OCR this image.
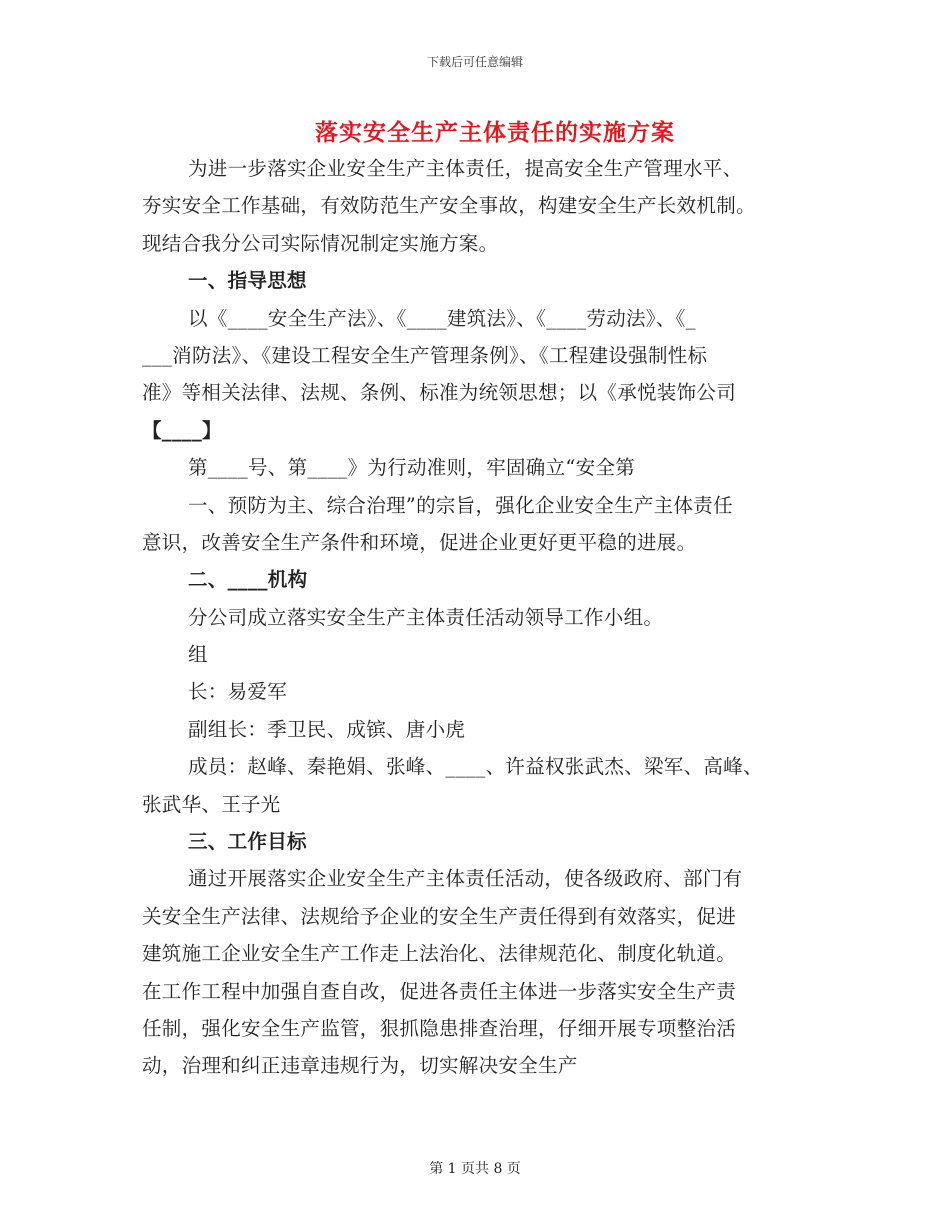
下载后可任意编辑
落实安全生产主体责任的实施方案
为进一步落实企业安全生产主体责任，提高安全生产管理水平、
夯实安全工作基础，有效防范生产安全事故，构建安全生产长效机制。
现结合我分公司实际情况制定实施方案。
一、指导思想
以《____安全生产法》、《____建筑法》、《____劳动法》、《_
___消防法》、《建设工程安全生产管理条例》、《工程建设强制性标
准》等相关法律、法规、条例、标准为统领思想；以《承悦装饰公司
【____】
第____号、第____》为行动准则，牢固确立“安全第
一、预防为主、综合治理”的宗旨，强化企业安全生产主体责任
意识，改善安全生产条件和环境，促进企业更好更平稳的进展。
二、____机构
分公司成立落实安全生产主体责任活动领导工作小组。
组
长：易爱军
副组长：季卫民、成镔、唐小虎
成员：赵峰、秦艳娟、张峰、____、许益权张武杰、梁军、高峰、
张武华、王子光
三、工作目标
通过开展落实企业安全生产主体责任活动，使各级政府、部门有
关安全生产法律、法规给予企业的安全生产责任得到有效落实，促进
建筑施工企业安全生产工作走上法治化、法律规范化、制度化轨道。
在工作工程中加强自查自改，促进各责任主体进一步落实安全生产责
任制，强化安全生产监管，狠抓隐患排查治理，仔细开展专项整治活
动，治理和纠正违章违规行为，切实解决安全生产
第 1 页共 8 页
